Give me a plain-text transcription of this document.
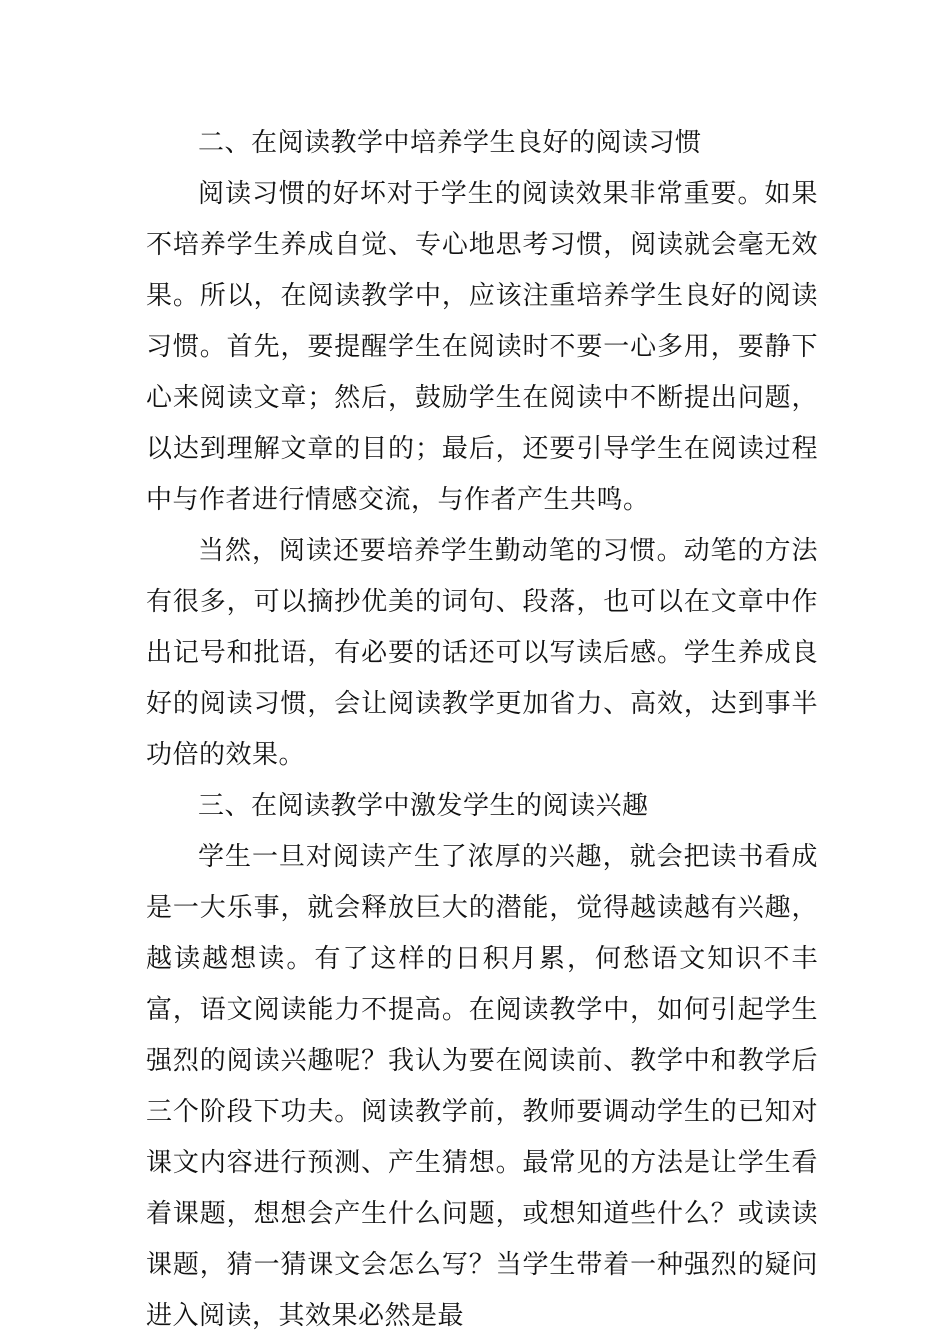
二、在阅读教学中培养学生良好的阅读习惯

阅读习惯的好坏对于学生的阅读效果非常重要。如果不培养学生养成自觉、专心地思考习惯，阅读就会毫无效果。所以，在阅读教学中，应该注重培养学生良好的阅读习惯。首先，要提醒学生在阅读时不要一心多用，要静下心来阅读文章；然后，鼓励学生在阅读中不断提出问题，以达到理解文章的目的；最后，还要引导学生在阅读过程中与作者进行情感交流，与作者产生共鸣。

当然，阅读还要培养学生勤动笔的习惯。动笔的方法有很多，可以摘抄优美的词句、段落，也可以在文章中作出记号和批语，有必要的话还可以写读后感。学生养成良好的阅读习惯，会让阅读教学更加省力、高效，达到事半功倍的效果。

三、在阅读教学中激发学生的阅读兴趣

学生一旦对阅读产生了浓厚的兴趣，就会把读书看成是一大乐事，就会释放巨大的潜能，觉得越读越有兴趣，越读越想读。有了这样的日积月累，何愁语文知识不丰富，语文阅读能力不提高。在阅读教学中，如何引起学生强烈的阅读兴趣呢？我认为要在阅读前、教学中和教学后三个阶段下功夫。阅读教学前，教师要调动学生的已知对课文内容进行预测、产生猜想。最常见的方法是让学生看着课题，想想会产生什么问题，或想知道些什么？或读读课题，猜一猜课文会怎么写？当学生带着一种强烈的疑问进入阅读，其效果必然是最
